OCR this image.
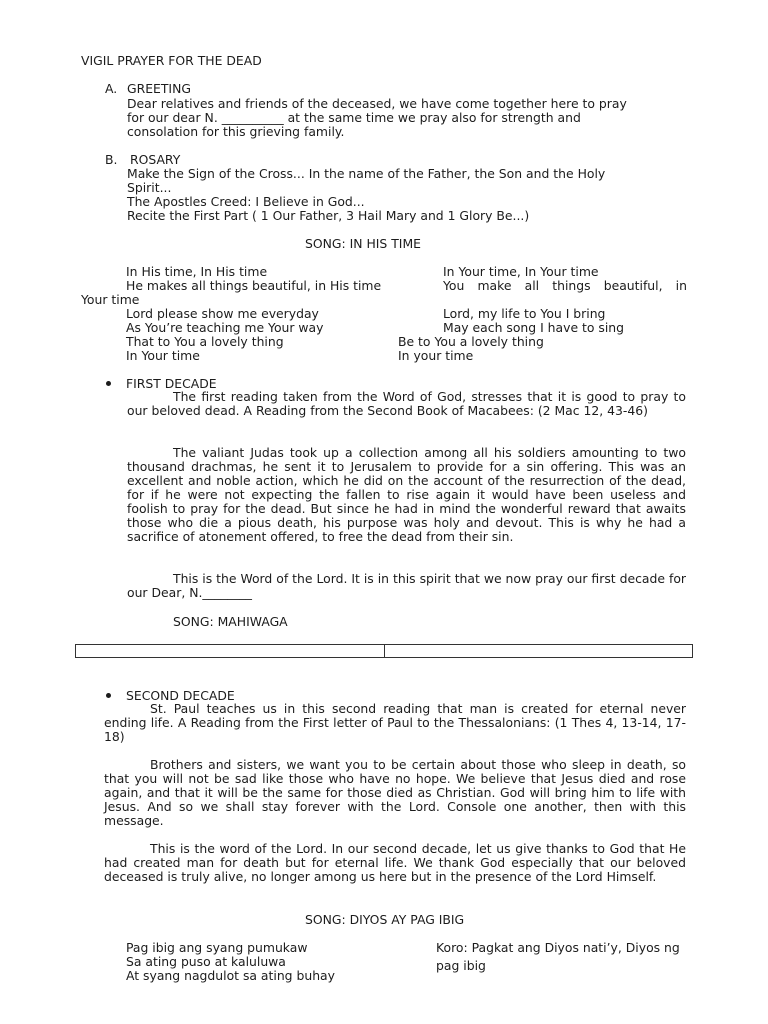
VIGIL PRAYER FOR THE DEAD
A. GREETING
Dear relatives and friends of the deceased, we have come together here to pray
for our dear N. __________ at the same time we pray also for strength and
consolation for this grieving family.
B. ROSARY
Make the Sign of the Cross... In the name of the Father, the Son and the Holy
Spirit...
The Apostles Creed: I Believe in God...
Recite the First Part ( 1 Our Father, 3 Hail Mary and 1 Glory Be...)
SONG: IN HIS TIME
In His time, In His time
He makes all things beautiful, in His time
Your time
Lord please show me everyday
As You’re teaching me Your way
That to You a lovely thing
In Your time
In Your time, In Your time
You make all things beautiful, in
Lord, my life to You I bring
May each song I have to sing
Be to You a lovely thing
In your time
FIRST DECADE
The first reading taken from the Word of God, stresses that it is good to pray to our beloved dead. A Reading from the Second Book of Macabees: (2 Mac 12, 43-46)
The valiant Judas took up a collection among all his soldiers amounting to two thousand drachmas, he sent it to Jerusalem to provide for a sin offering. This was an excellent and noble action, which he did on the account of the resurrection of the dead, for if he were not expecting the fallen to rise again it would have been useless and foolish to pray for the dead. But since he had in mind the wonderful reward that awaits those who die a pious death, his purpose was holy and devout. This is why he had a sacrifice of atonement offered, to free the dead from their sin.
This is the Word of the Lord. It is in this spirit that we now pray our first decade for our Dear, N.________
SONG: MAHIWAGA
SECOND DECADE
St. Paul teaches us in this second reading that man is created for eternal never ending life. A Reading from the First letter of Paul to the Thessalonians: (1 Thes 4, 13-14, 17-18)
Brothers and sisters, we want you to be certain about those who sleep in death, so that you will not be sad like those who have no hope. We believe that Jesus died and rose again, and that it will be the same for those died as Christian. God will bring him to life with Jesus. And so we shall stay forever with the Lord. Console one another, then with this message.
This is the word of the Lord. In our second decade, let us give thanks to God that He had created man for death but for eternal life. We thank God especially that our beloved deceased is truly alive, no longer among us here but in the presence of the Lord Himself.
SONG: DIYOS AY PAG IBIG
Pag ibig ang syang pumukaw
Sa ating puso at kaluluwa
At syang nagdulot sa ating buhay
Koro: Pagkat ang Diyos nati’y, Diyos ng
pag ibig
